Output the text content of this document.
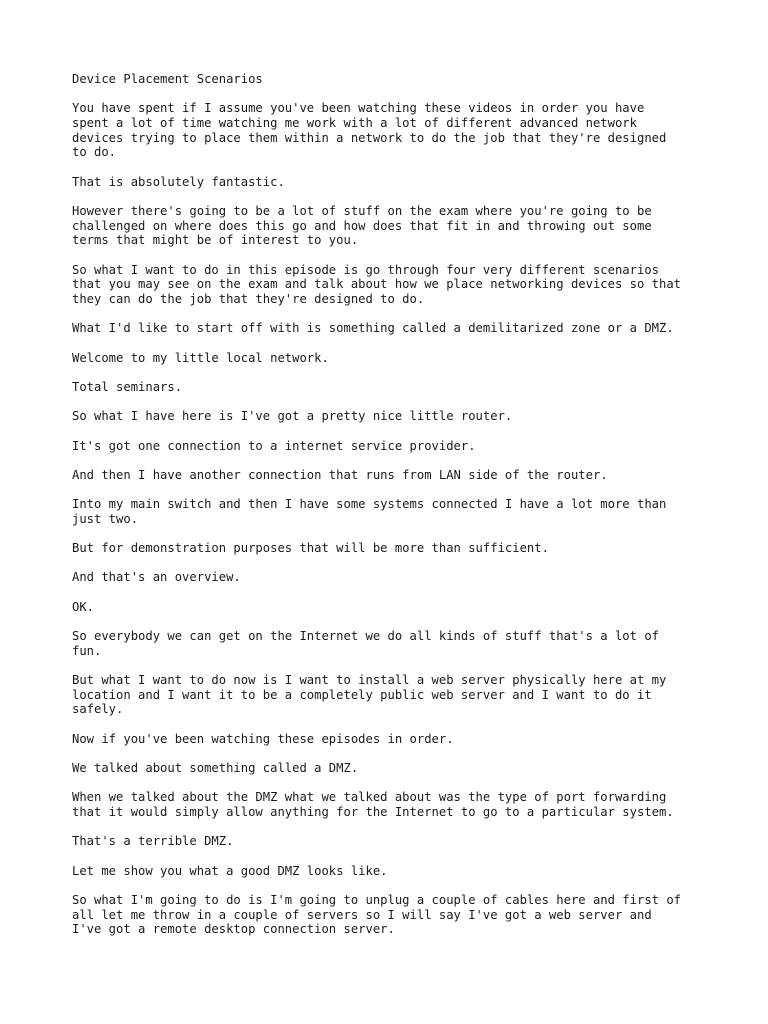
Device Placement Scenarios
You have spent if I assume you've been watching these videos in order you have
spent a lot of time watching me work with a lot of different advanced network
devices trying to place them within a network to do the job that they're designed
to do.
That is absolutely fantastic.
However there's going to be a lot of stuff on the exam where you're going to be
challenged on where does this go and how does that fit in and throwing out some
terms that might be of interest to you.
So what I want to do in this episode is go through four very different scenarios
that you may see on the exam and talk about how we place networking devices so that
they can do the job that they're designed to do.
What I'd like to start off with is something called a demilitarized zone or a DMZ.
Welcome to my little local network.
Total seminars.
So what I have here is I've got a pretty nice little router.
It's got one connection to a internet service provider.
And then I have another connection that runs from LAN side of the router.
Into my main switch and then I have some systems connected I have a lot more than
just two.
But for demonstration purposes that will be more than sufficient.
And that's an overview.
OK.
So everybody we can get on the Internet we do all kinds of stuff that's a lot of
fun.
But what I want to do now is I want to install a web server physically here at my
location and I want it to be a completely public web server and I want to do it
safely.
Now if you've been watching these episodes in order.
We talked about something called a DMZ.
When we talked about the DMZ what we talked about was the type of port forwarding
that it would simply allow anything for the Internet to go to a particular system.
That's a terrible DMZ.
Let me show you what a good DMZ looks like.
So what I'm going to do is I'm going to unplug a couple of cables here and first of
all let me throw in a couple of servers so I will say I've got a web server and
I've got a remote desktop connection server.
